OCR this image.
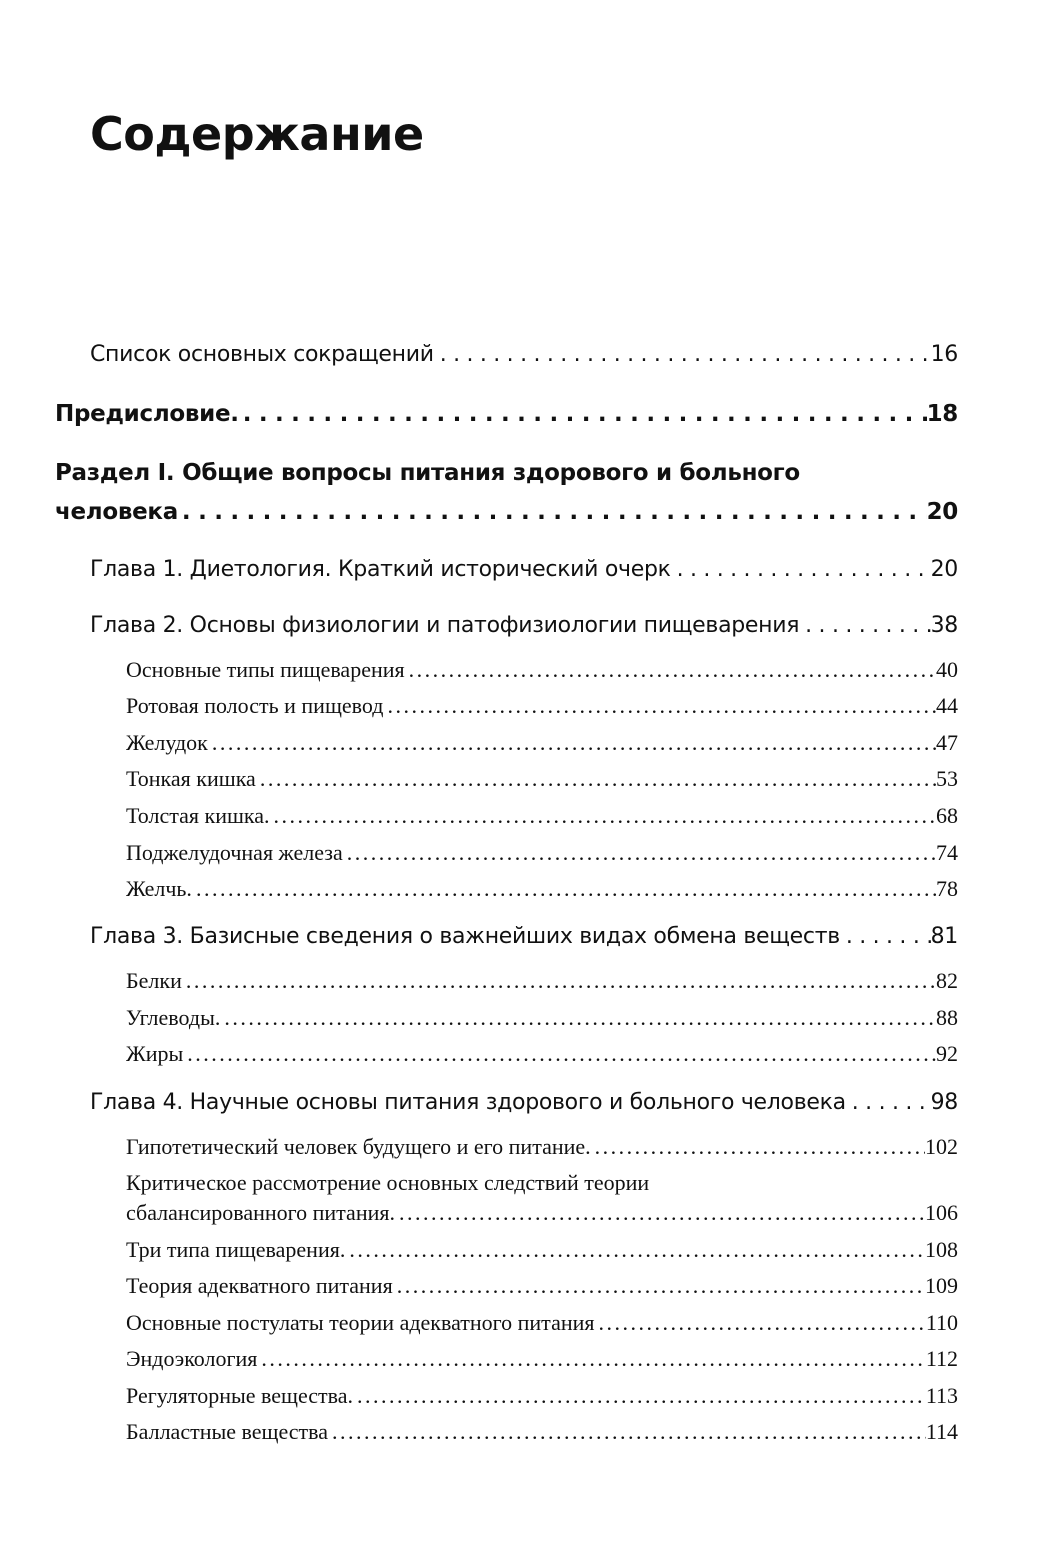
Содержание
Список основных сокращений . . .	16
Предисловие. . . .	18
Раздел I. Общие вопросы питания здорового и больного
человека . . .	20
Глава 1. Диетология. Краткий исторический очерк . . .	20
Глава 2. Основы физиологии и патофизиологии пищеварения . . .	38
Основные типы пищеварения . . .	40
Ротовая полость и пищевод . . .	44
Желудок . . .	47
Тонкая кишка . . .	53
Толстая кишка. . . .	68
Поджелудочная железа . . .	74
Желчь. . . .	78
Глава 3. Базисные сведения о важнейших видах обмена веществ . . .	81
Белки . . .	82
Углеводы. . . .	88
Жиры . . .	92
Глава 4. Научные основы питания здорового и больного человека . . .	98
Гипотетический человек будущего и его питание. . . .	102
Критическое рассмотрение основных следствий теории
сбалансированного питания. . . .	106
Три типа пищеварения. . . .	108
Теория адекватного питания . . .	109
Основные постулаты теории адекватного питания . . .	110
Эндоэкология . . .	112
Регуляторные вещества. . . .	113
Балластные вещества . . .	114
